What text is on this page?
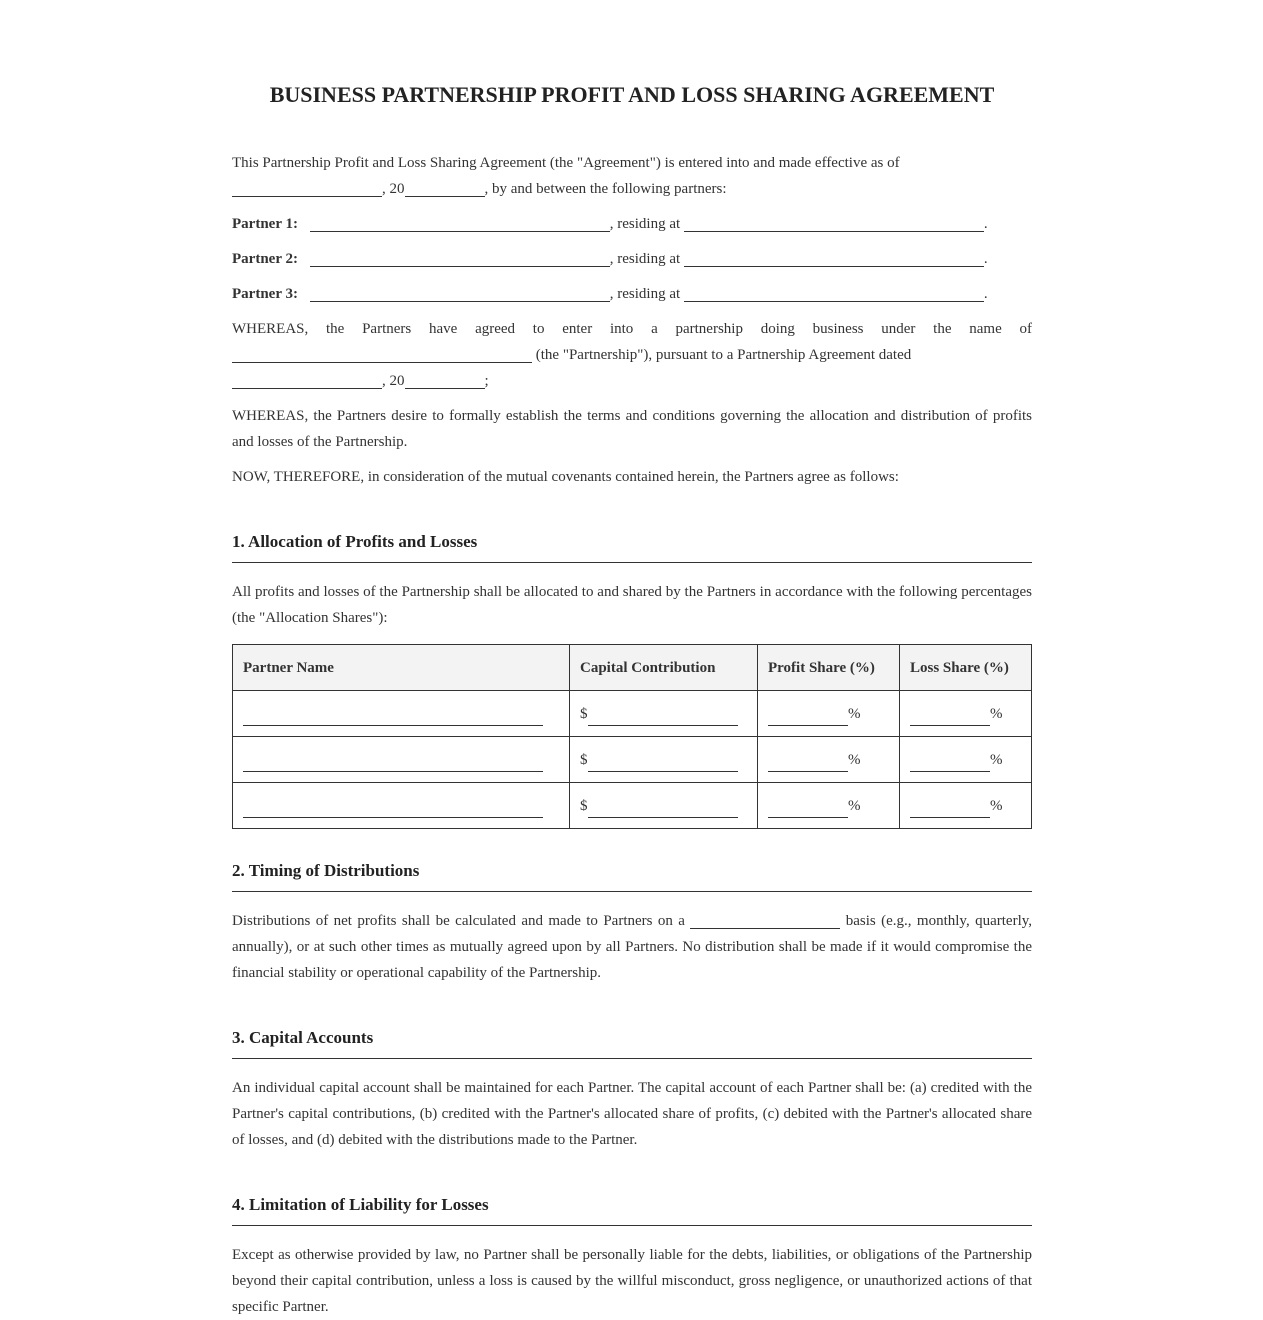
BUSINESS PARTNERSHIP PROFIT AND LOSS SHARING AGREEMENT

This Partnership Profit and Loss Sharing Agreement (the "Agreement") is entered into and made effective as of
, 20	, by and between the following partners:

Partner 1:	, residing at	.
Partner 2:	, residing at	.
Partner 3:	, residing at	.

WHEREAS, the Partners have agreed to enter into a partnership doing business under the name of  (the "Partnership"), pursuant to a Partnership Agreement dated
, 20	;

WHEREAS, the Partners desire to formally establish the terms and conditions governing the allocation and distribution of profits and losses of the Partnership.

NOW, THEREFORE, in consideration of the mutual covenants contained herein, the Partners agree as follows:

1. Allocation of Profits and Losses

All profits and losses of the Partnership shall be allocated to and shared by the Partners in accordance with the following percentages (the "Allocation Shares"):

Partner Name	Capital Contribution	Profit Share (%)	Loss Share (%)
	$	%	%
	$	%	%
	$	%	%
2. Timing of Distributions

Distributions of net profits shall be calculated and made to Partners on a	basis (e.g., monthly, quarterly, annually), or at such other times as mutually agreed upon by all Partners. No distribution shall be made if it would compromise the financial stability or operational capability of the Partnership.

3. Capital Accounts

An individual capital account shall be maintained for each Partner. The capital account of each Partner shall be: (a) credited with the Partner's capital contributions, (b) credited with the Partner's allocated share of profits, (c) debited with the Partner's allocated share of losses, and (d) debited with the distributions made to the Partner.

4. Limitation of Liability for Losses

Except as otherwise provided by law, no Partner shall be personally liable for the debts, liabilities, or obligations of the Partnership beyond their capital contribution, unless a loss is caused by the willful misconduct, gross negligence, or unauthorized actions of that specific Partner.
